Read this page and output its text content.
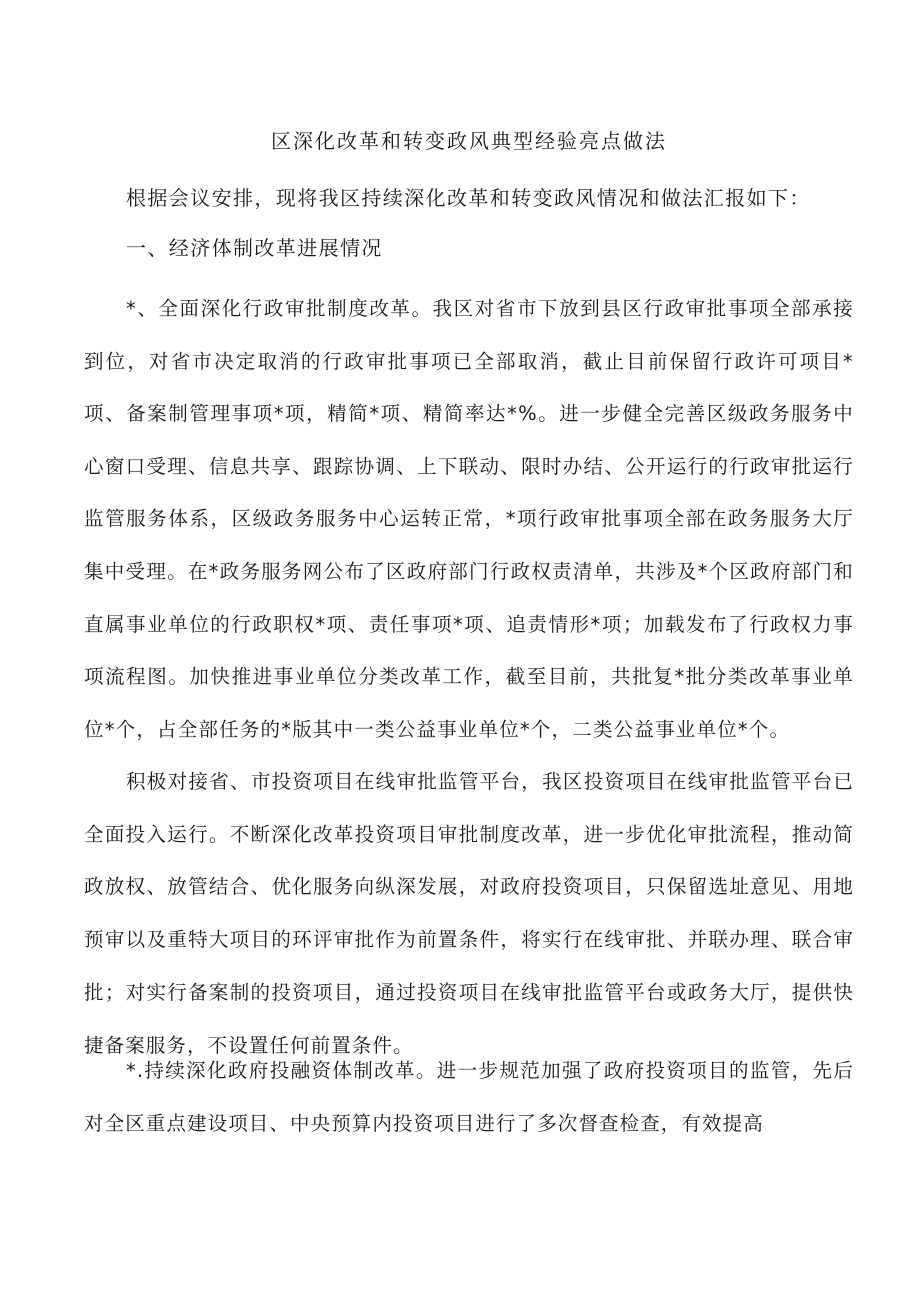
区深化改革和转变政风典型经验亮点做法
根据会议安排，现将我区持续深化改革和转变政风情况和做法汇报如下：
一、经济体制改革进展情况
*、全面深化行政审批制度改革。我区对省市下放到县区行政审批事项全部承接到位，对省市决定取消的行政审批事项已全部取消，截止目前保留行政许可项目*项、备案制管理事项*项，精简*项、精简率达*%。进一步健全完善区级政务服务中心窗口受理、信息共享、跟踪协调、上下联动、限时办结、公开运行的行政审批运行监管服务体系，区级政务服务中心运转正常，*项行政审批事项全部在政务服务大厅集中受理。在*政务服务网公布了区政府部门行政权责清单，共涉及*个区政府部门和直属事业单位的行政职权*项、责任事项*项、追责情形*项；加载发布了行政权力事项流程图。加快推进事业单位分类改革工作，截至目前，共批复*批分类改革事业单位*个，占全部任务的*版其中一类公益事业单位*个，二类公益事业单位*个。
积极对接省、市投资项目在线审批监管平台，我区投资项目在线审批监管平台已全面投入运行。不断深化改革投资项目审批制度改革，进一步优化审批流程，推动简政放权、放管结合、优化服务向纵深发展，对政府投资项目，只保留选址意见、用地预审以及重特大项目的环评审批作为前置条件，将实行在线审批、并联办理、联合审批；对实行备案制的投资项目，通过投资项目在线审批监管平台或政务大厅，提供快捷备案服务，不设置任何前置条件。
*.持续深化政府投融资体制改革。进一步规范加强了政府投资项目的监管，先后对全区重点建设项目、中央预算内投资项目进行了多次督查检查，有效提高
